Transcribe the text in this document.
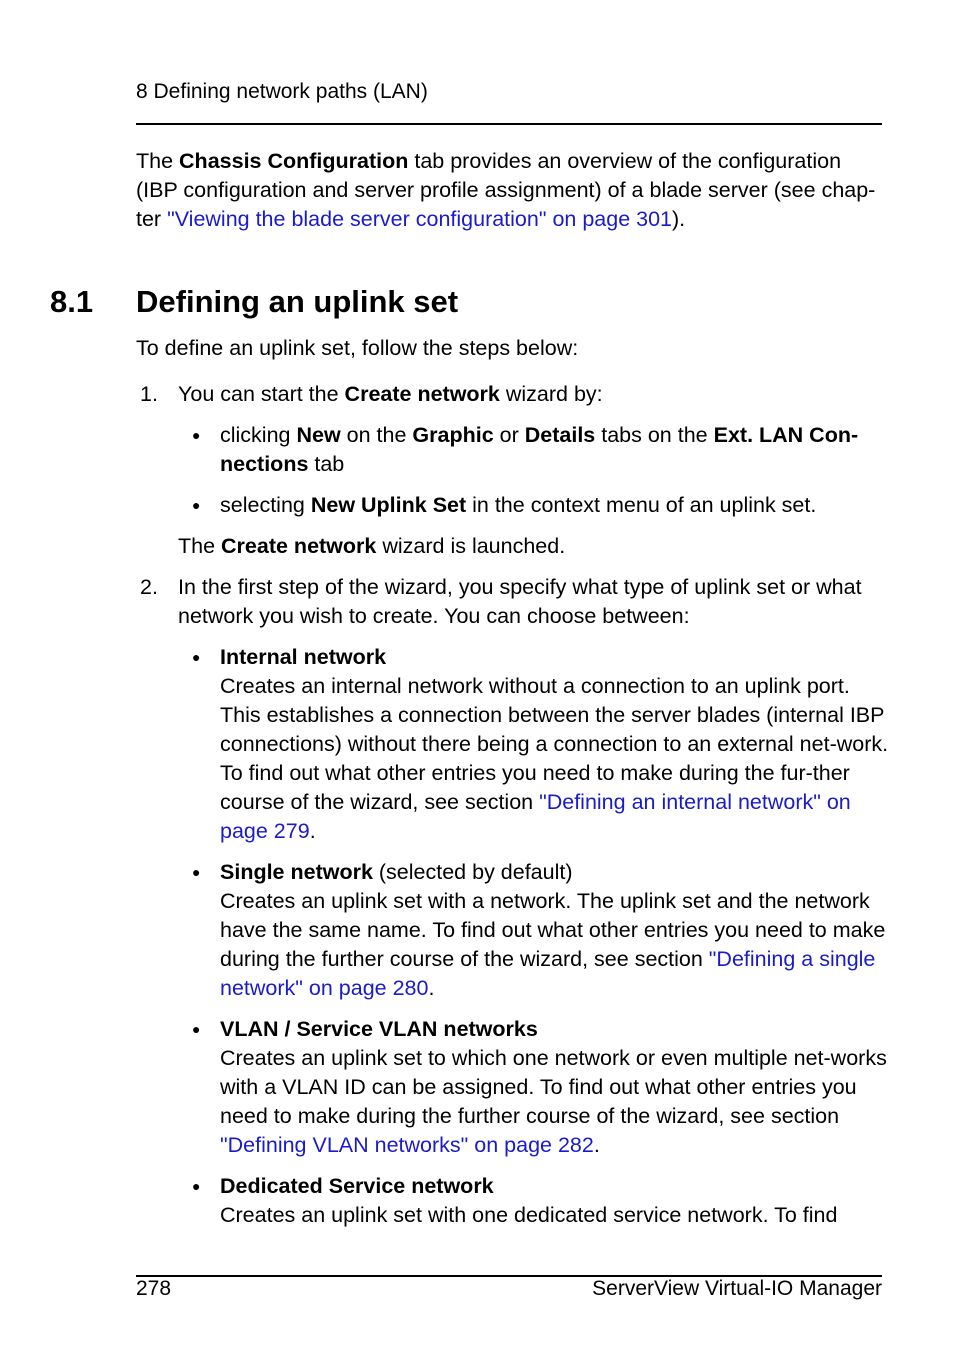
8 Defining network paths (LAN)
The Chassis Configuration tab provides an overview of the configuration (IBP configuration and server profile assignment) of a blade server (see chap-ter "Viewing the blade server configuration" on page 301).
8.1 Defining an uplink set
To define an uplink set, follow the steps below:
1. You can start the Create network wizard by:
● clicking New on the Graphic or Details tabs on the Ext. LAN Con-
nections tab
● selecting New Uplink Set in the context menu of an uplink set.
The Create network wizard is launched.
2. In the first step of the wizard, you specify what type of uplink set or what network you wish to create. You can choose between:
● Internal network
Creates an internal network without a connection to an uplink port. This establishes a connection between the server blades (internal IBP connections) without there being a connection to an external net-work. To find out what other entries you need to make during the fur-ther course of the wizard, see section "Defining an internal network" on page 279.
● Single network (selected by default)
Creates an uplink set with a network. The uplink set and the network have the same name. To find out what other entries you need to make during the further course of the wizard, see section "Defining a single network" on page 280.
● VLAN / Service VLAN networks
Creates an uplink set to which one network or even multiple net-works with a VLAN ID can be assigned. To find out what other entries you need to make during the further course of the wizard, see section "Defining VLAN networks" on page 282.
● Dedicated Service network
Creates an uplink set with one dedicated service network. To find
278	ServerView Virtual-IO Manager
